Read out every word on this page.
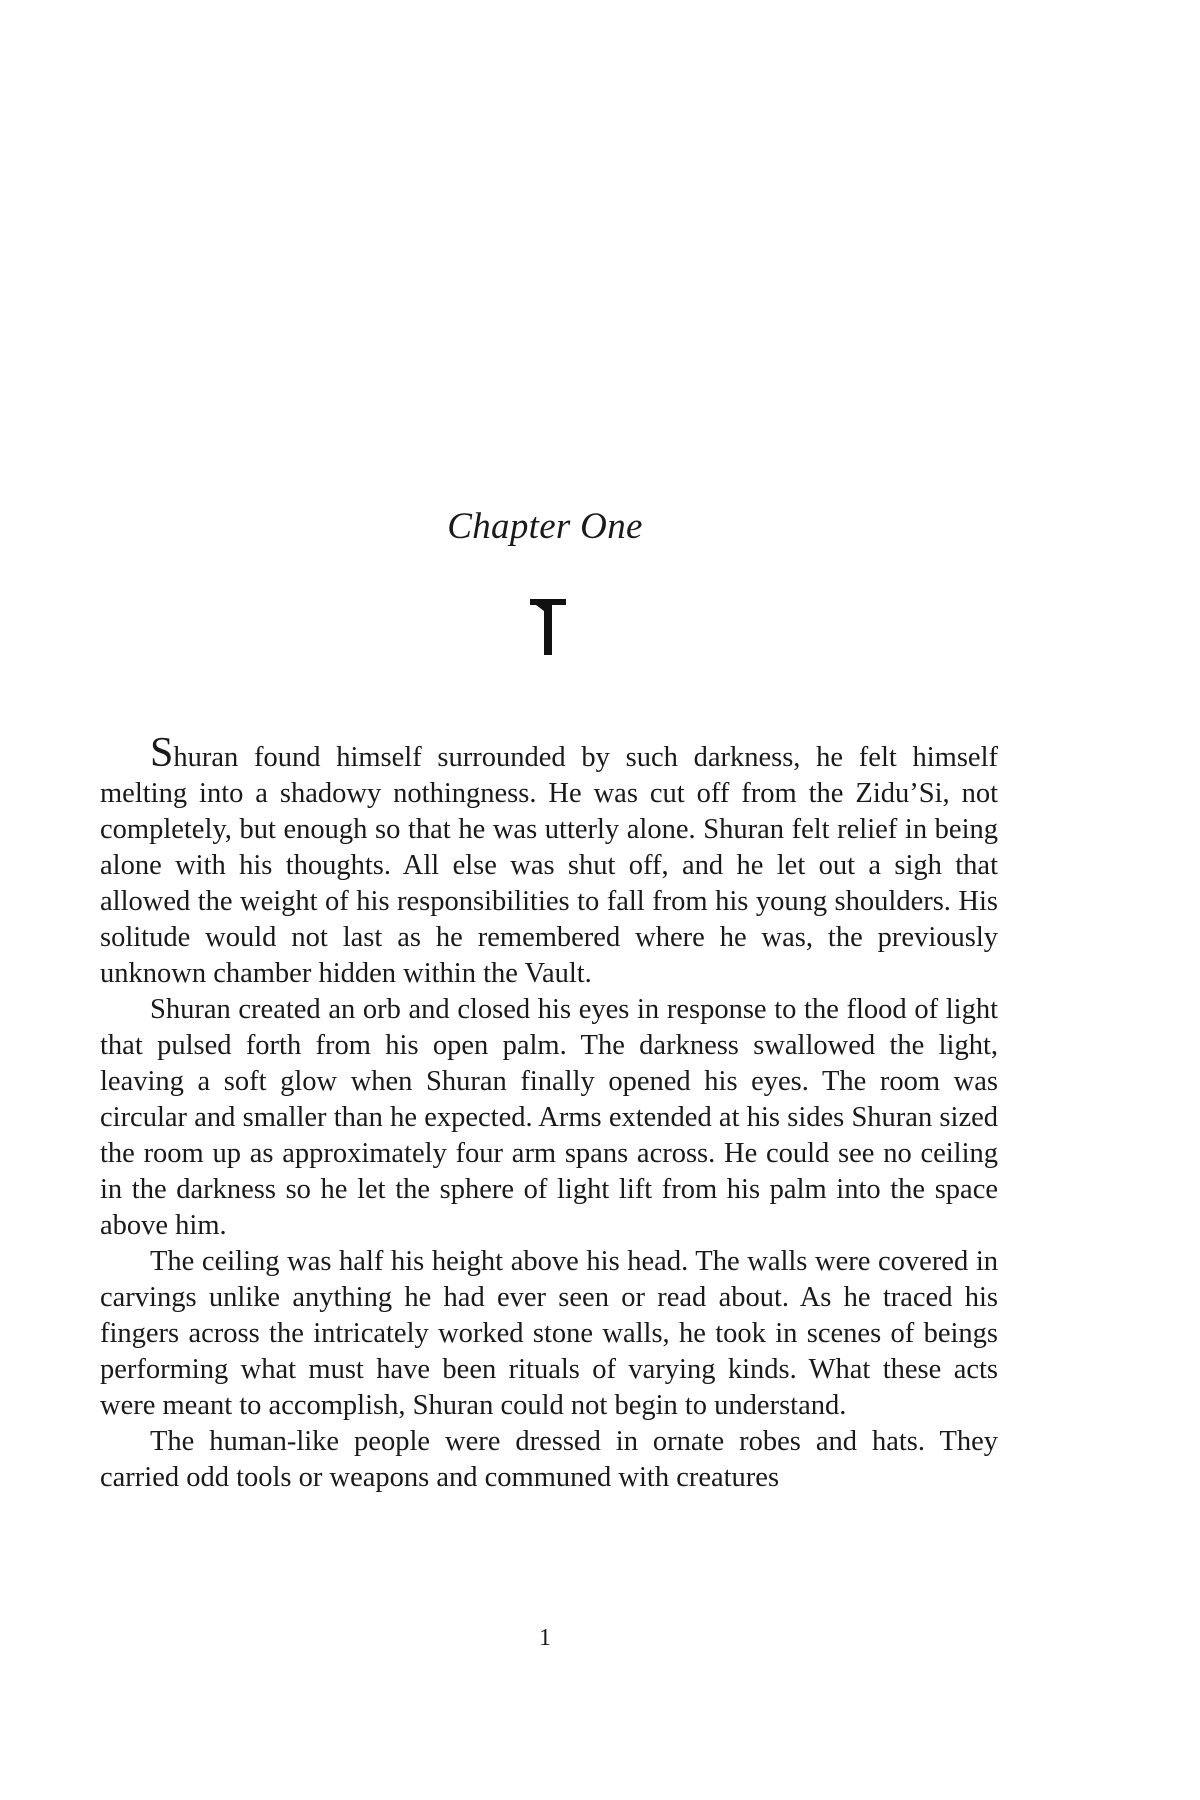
Chapter One

Shuran found himself surrounded by such darkness, he felt himself melting into a shadowy nothingness. He was cut off from the Zidu’Si, not completely, but enough so that he was utterly alone. Shuran felt relief in being alone with his thoughts. All else was shut off, and he let out a sigh that allowed the weight of his responsibilities to fall from his young shoulders. His solitude would not last as he remembered where he was, the previously unknown chamber hidden within the Vault.

Shuran created an orb and closed his eyes in response to the flood of light that pulsed forth from his open palm. The darkness swallowed the light, leaving a soft glow when Shuran finally opened his eyes. The room was circular and smaller than he expected. Arms extended at his sides Shuran sized the room up as approximately four arm spans across. He could see no ceiling in the darkness so he let the sphere of light lift from his palm into the space above him.

The ceiling was half his height above his head. The walls were covered in carvings unlike anything he had ever seen or read about. As he traced his fingers across the intricately worked stone walls, he took in scenes of beings performing what must have been rituals of varying kinds. What these acts were meant to accomplish, Shuran could not begin to understand.

The human-like people were dressed in ornate robes and hats. They carried odd tools or weapons and communed with creatures

1
